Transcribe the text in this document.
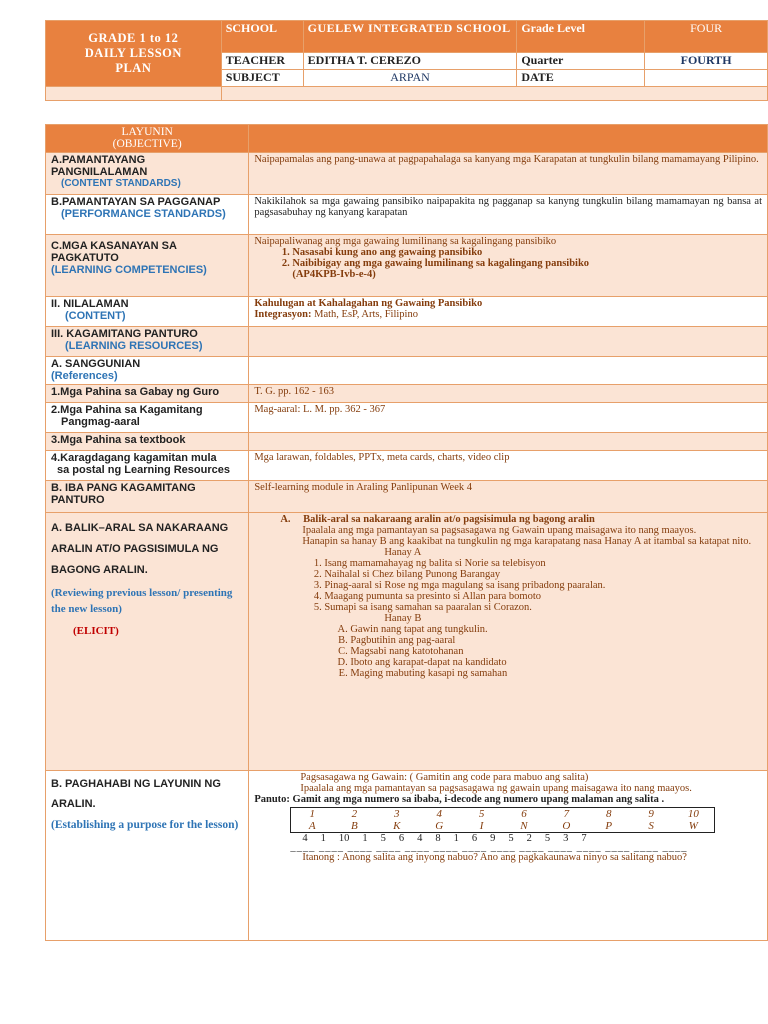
GRADE 1 to 12
DAILY LESSON
PLAN	SCHOOL	GUELEW INTEGRATED SCHOOL	Grade Level	FOUR
	TEACHER	EDITHA T. CEREZO	Quarter	FOURTH
	SUBJECT	ARPAN	DATE	

LAYUNIN
(OBJECTIVE)

A.PAMANTAYANG PANGNILALAMAN
(CONTENT STANDARDS)
	Naipapamalas ang pang-unawa at pagpapahalaga sa kanyang mga Karapatan at tungkulin bilang mamamayang Pilipino.

B.PAMANTAYAN SA PAGGANAP
(PERFORMANCE STANDARDS)
	Nakikilahok sa mga gawaing pansibiko naipapakita ng pagganap sa kanyng tungkulin bilang mamamayan ng bansa at pagsasabuhay ng kanyang karapatan

C.MGA KASANAYAN SA PAGKATUTO
(LEARNING COMPETENCIES)

Naipapaliwanag ang mga gawaing lumilinang sa kagalingang pansibiko
1. Nasasabi kung ano ang gawaing pansibiko
2. Naibibigay ang mga gawaing lumilinang sa kagalingang pansibiko
(AP4KPB-Ivb-e-4)

II. NILALAMAN
(CONTENT)

Kahulugan at Kahalagahan ng Gawaing Pansibiko
Integrasyon: Math, EsP, Arts, Filipino

III. KAGAMITANG PANTURO
(LEARNING RESOURCES)

A. SANGGUNIAN
(References)

1.Mga Pahina sa Gabay ng Guro	T. G. pp. 162 - 163

2.Mga Pahina sa Kagamitang
Pangmag-aaral
	Mag-aaral: L. M. pp. 362 - 367
3.Mga Pahina sa textbook	

4.Karagdagang kagamitan mula
sa postal ng Learning Resources
	Mga larawan, foldables, PPTx, meta cards, charts, video clip
B. IBA PANG KAGAMITANG PANTURO	Self-learning module in Araling Panlipunan Week 4

A. BALIK–ARAL SA NAKARAANG ARALIN AT/O PAGSISIMULA NG BAGONG ARALIN.
(Reviewing previous lesson/ presenting the new lesson)
(ELICIT)

A. Balik-aral sa nakaraang aralin at/o pagsisimula ng bagong aralin
Ipaalala ang mga pamantayan sa pagsasagawa ng Gawain upang maisagawa ito nang maayos.
Hanapin sa hanay B ang kaakibat na tungkulin ng mga karapatang nasa Hanay A at itambal sa katapat nito.
Hanay A
1. Isang mamamahayag ng balita si Norie sa telebisyon
2. Naihalal si Chez bilang Punong Barangay
3. Pinag-aaral si Rose ng mga magulang sa isang pribadong paaralan.
4. Maagang pumunta sa presinto si Allan para bomoto
5. Sumapi sa isang samahan sa paaralan si Corazon.
Hanay B
A. Gawin nang tapat ang tungkulin.
B. Pagbutihin ang pag-aaral
C. Magsabi nang katotohanan
D. Iboto ang karapat-dapat na kandidato
E. Maging mabuting kasapi ng samahan

B. PAGHAHABI NG LAYUNIN NG ARALIN.
(Establishing a purpose for the lesson)

Pagsasagawa ng Gawain: ( Gamitin ang code para mabuo ang salita)
Ipaalala ang mga pamantayan sa pagsasagawa ng gawain upang maisagawa ito nang maayos.
Panuto: Gamit ang mga numero sa ibaba, i-decode ang numero upang malaman ang salita .
1	2	3	4	5	6	7	8	9	10
A	B	K	G	I	N	O	P	S	W
4 1 10 1 5 6 4 8 1 6 9 5 2 5 3 7
____ ____ ____ ____ ____ ____ ____ ____ ____ ____ ____ ____ ____ ____
Itanong : Anong salita ang inyong nabuo? Ano ang pagkakaunawa ninyo sa salitang nabuo?
